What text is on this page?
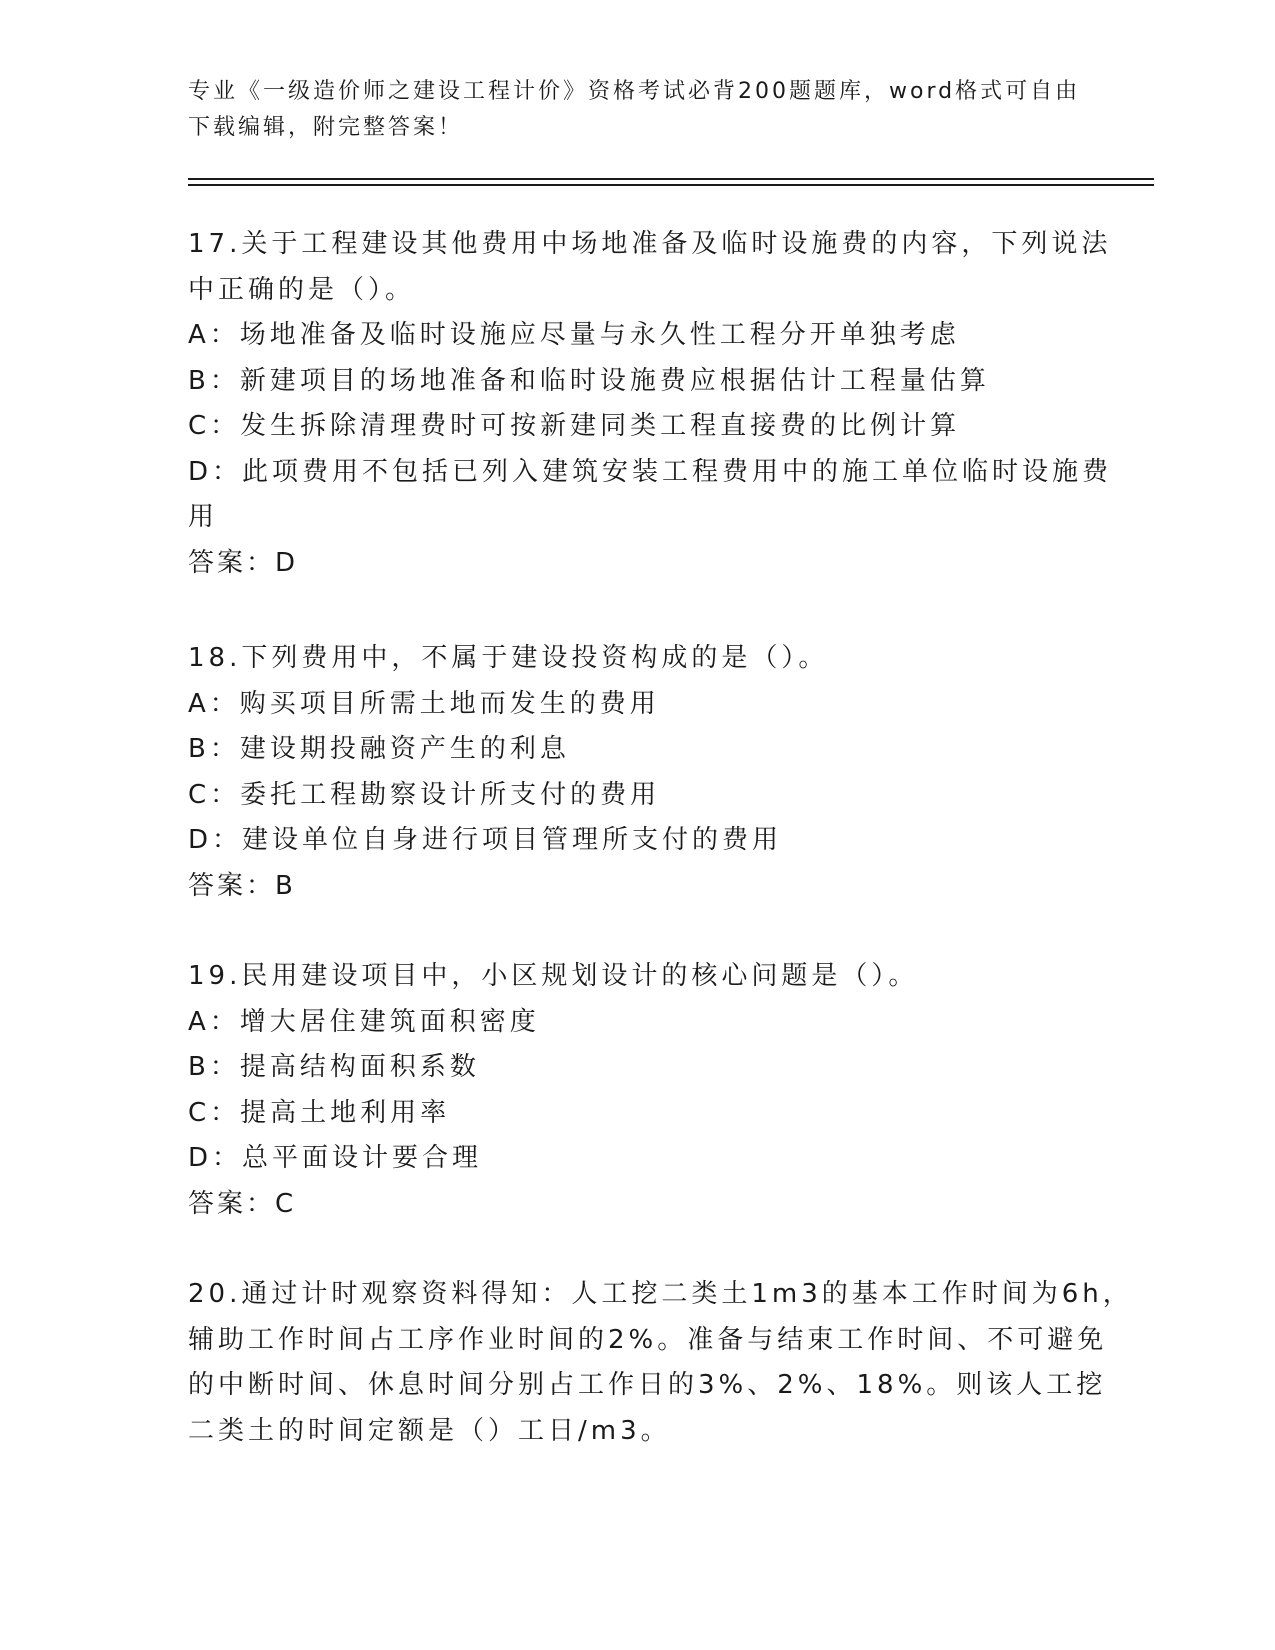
专业《一级造价师之建设工程计价》资格考试必背200题题库，word格式可自由
下载编辑，附完整答案！
17.关于工程建设其他费用中场地准备及临时设施费的内容，下列说法
中正确的是（）。
A：场地准备及临时设施应尽量与永久性工程分开单独考虑
B：新建项目的场地准备和临时设施费应根据估计工程量估算
C：发生拆除清理费时可按新建同类工程直接费的比例计算
D：此项费用不包括已列入建筑安装工程费用中的施工单位临时设施费
用
答案：D
18.下列费用中，不属于建设投资构成的是（）。
A：购买项目所需土地而发生的费用
B：建设期投融资产生的利息
C：委托工程勘察设计所支付的费用
D：建设单位自身进行项目管理所支付的费用
答案：B
19.民用建设项目中，小区规划设计的核心问题是（）。
A：增大居住建筑面积密度
B：提高结构面积系数
C：提高土地利用率
D：总平面设计要合理
答案：C
20.通过计时观察资料得知：人工挖二类土1m3的基本工作时间为6h，
辅助工作时间占工序作业时间的2%。准备与结束工作时间、不可避免
的中断时间、休息时间分别占工作日的3%、2%、18%。则该人工挖
二类土的时间定额是（）工日/m3。
